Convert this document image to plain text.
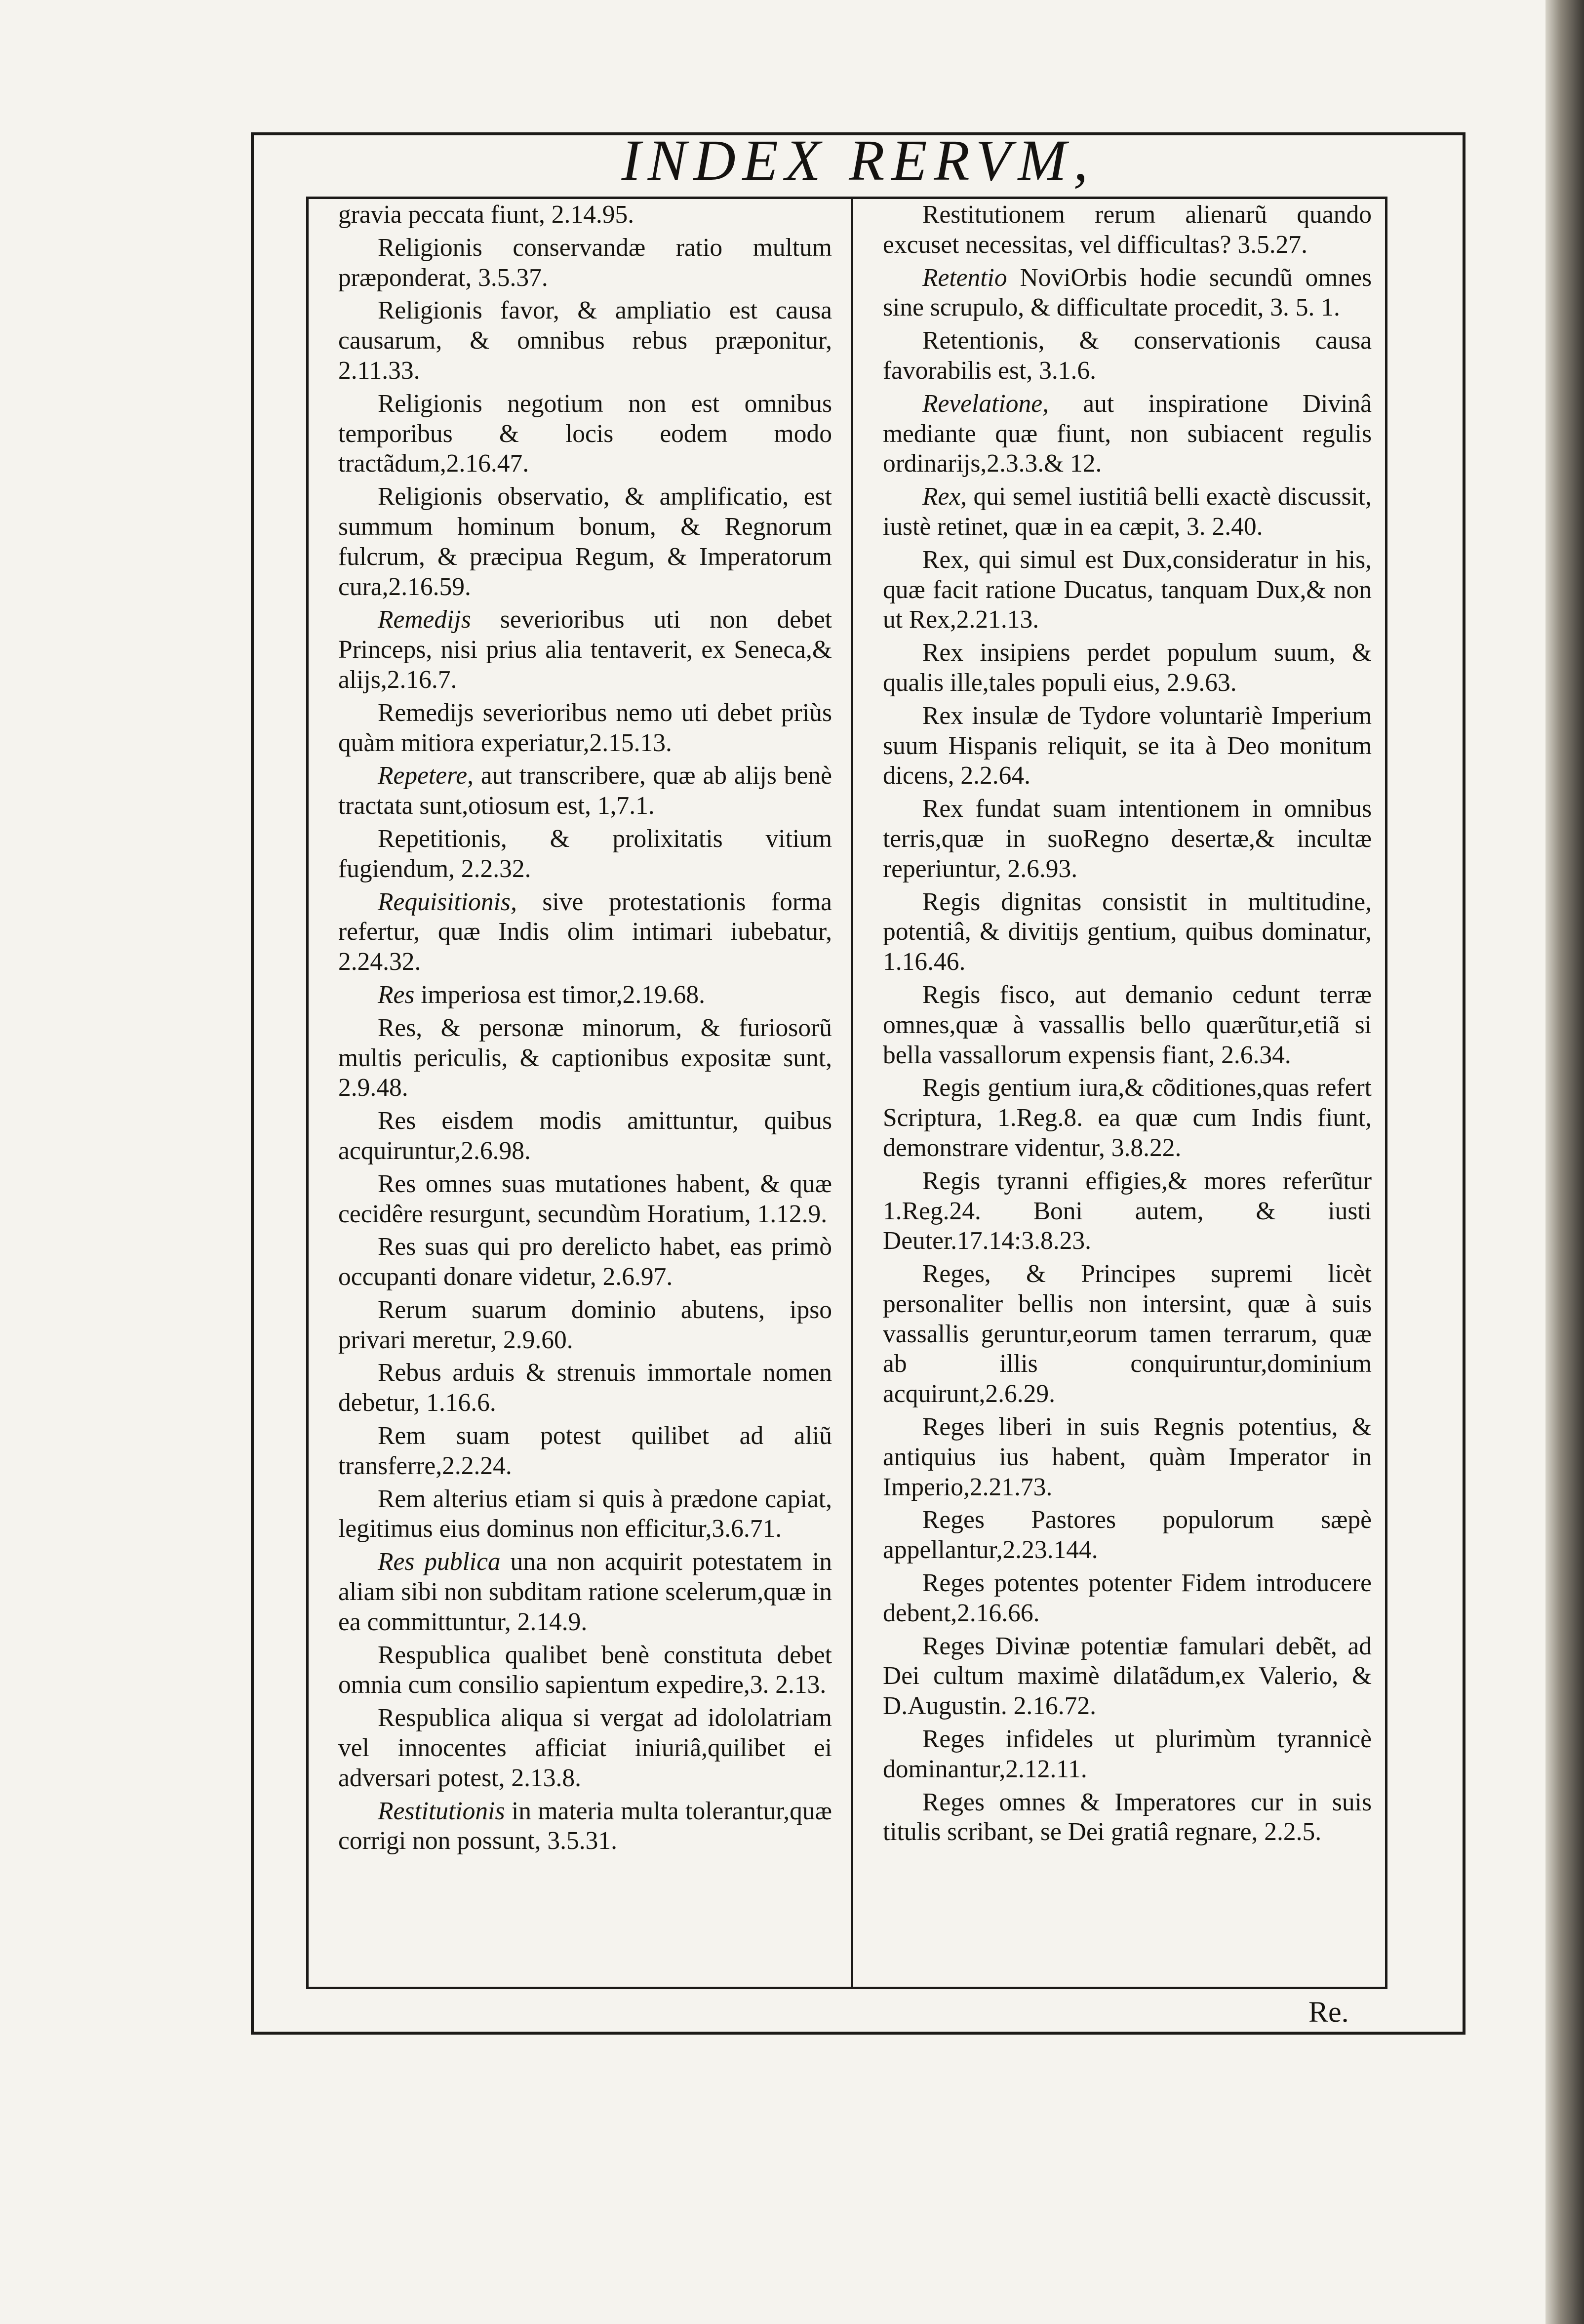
INDEX RERVM,

gravia peccata fiunt, 2.14.95.

Religionis conservandæ ratio multum præponderat, 3.5.37.

Religionis favor, & ampliatio est causa causarum, & omnibus rebus præponitur, 2.11.33.

Religionis negotium non est omnibus temporibus & locis eodem modo tractãdum,2.16.47.

Religionis observatio, & amplificatio, est summum hominum bonum, & Regnorum fulcrum, & præcipua Regum, & Imperatorum cura,2.16.59.

Remedijs severioribus uti non debet Princeps, nisi prius alia tentaverit, ex Seneca,& alijs,2.16.7.

Remedijs severioribus nemo uti debet priùs quàm mitiora experiatur,2.15.13.

Repetere, aut transcribere, quæ ab alijs benè tractata sunt,otiosum est, 1,7.1.

Repetitionis, & prolixitatis vitium fugiendum, 2.2.32.

Requisitionis, sive protestationis forma refertur, quæ Indis olim intimari iubebatur, 2.24.32.

Res imperiosa est timor,2.19.68.

Res, & personæ minorum, & furiosorũ multis periculis, & captionibus expositæ sunt, 2.9.48.

Res eisdem modis amittuntur, quibus acquiruntur,2.6.98.

Res omnes suas mutationes habent, & quæ cecidêre resurgunt, secundùm Horatium, 1.12.9.

Res suas qui pro derelicto habet, eas primò occupanti donare videtur, 2.6.97.

Rerum suarum dominio abutens, ipso privari meretur, 2.9.60.

Rebus arduis & strenuis immortale nomen debetur, 1.16.6.

Rem suam potest quilibet ad aliũ transferre,2.2.24.

Rem alterius etiam si quis à prædone capiat, legitimus eius dominus non efficitur,3.6.71.

Res publica una non acquirit potestatem in aliam sibi non subditam ratione scelerum,quæ in ea committuntur, 2.14.9.

Respublica qualibet benè constituta debet omnia cum consilio sapientum expedire,3. 2.13.

Respublica aliqua si vergat ad idololatriam vel innocentes afficiat iniuriâ,quilibet ei adversari potest, 2.13.8.

Restitutionis in materia multa tolerantur,quæ corrigi non possunt, 3.5.31.

Restitutionem rerum alienarũ quando excuset necessitas, vel difficultas? 3.5.27.

Retentio NoviOrbis hodie secundũ omnes sine scrupulo, & difficultate procedit, 3. 5. 1.

Retentionis, & conservationis causa favorabilis est, 3.1.6.

Revelatione, aut inspiratione Divinâ mediante quæ fiunt, non subiacent regulis ordinarijs,2.3.3.& 12.

Rex, qui semel iustitiâ belli exactè discussit, iustè retinet, quæ in ea cæpit, 3. 2.40.

Rex, qui simul est Dux,consideratur in his, quæ facit ratione Ducatus, tanquam Dux,& non ut Rex,2.21.13.

Rex insipiens perdet populum suum, & qualis ille,tales populi eius, 2.9.63.

Rex insulæ de Tydore voluntariè Imperium suum Hispanis reliquit, se ita à Deo monitum dicens, 2.2.64.

Rex fundat suam intentionem in omnibus terris,quæ in suoRegno desertæ,& incultæ reperiuntur, 2.6.93.

Regis dignitas consistit in multitudine, potentiâ, & divitijs gentium, quibus dominatur, 1.16.46.

Regis fisco, aut demanio cedunt terræ omnes,quæ à vassallis bello quærũtur,etiã si bella vassallorum expensis fiant, 2.6.34.

Regis gentium iura,& cõditiones,quas refert Scriptura, 1.Reg.8. ea quæ cum Indis fiunt, demonstrare videntur, 3.8.22.

Regis tyranni effigies,& mores referũtur 1.Reg.24. Boni autem, & iusti Deuter.17.14:3.8.23.

Reges, & Principes supremi licèt personaliter bellis non intersint, quæ à suis vassallis geruntur,eorum tamen terrarum, quæ ab illis conquiruntur,dominium acquirunt,2.6.29.

Reges liberi in suis Regnis potentius, & antiquius ius habent, quàm Imperator in Imperio,2.21.73.

Reges Pastores populorum sæpè appellantur,2.23.144.

Reges potentes potenter Fidem introducere debent,2.16.66.

Reges Divinæ potentiæ famulari debẽt, ad Dei cultum maximè dilatãdum,ex Valerio, & D.Augustin. 2.16.72.

Reges infideles ut plurimùm tyrannicè dominantur,2.12.11.

Reges omnes & Imperatores cur in suis titulis scribant, se Dei gratiâ regnare, 2.2.5.

Re.
